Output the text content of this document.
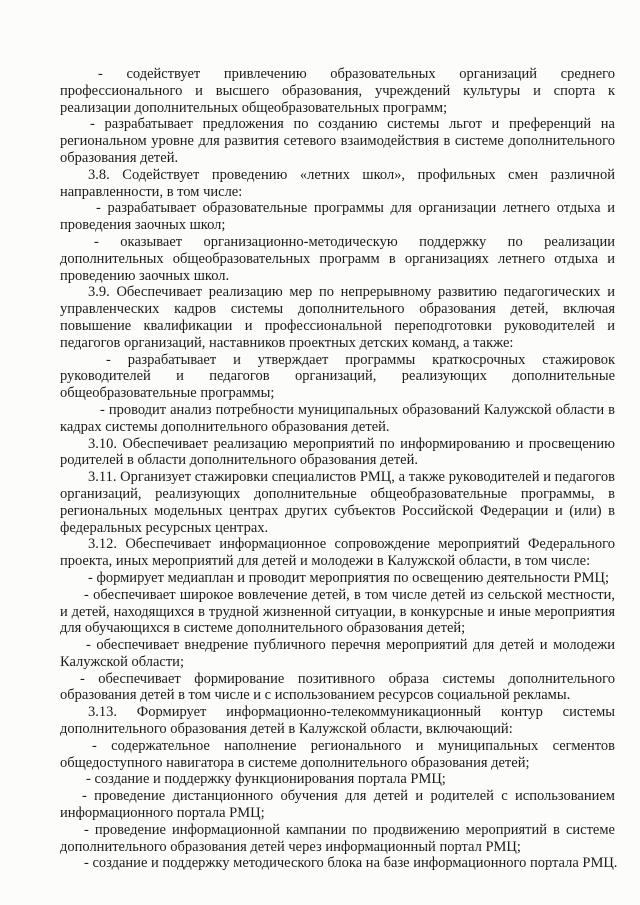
- содействует привлечению образовательных организаций среднего профессионального и высшего образования, учреждений культуры и спорта к реализации дополнительных общеобразовательных программ;

- разрабатывает предложения по созданию системы льгот и преференций на региональном уровне для развития сетевого взаимодействия в системе дополнительного образования детей.

3.8. Содействует проведению «летних школ», профильных смен различной направленности, в том числе:

- разрабатывает образовательные программы для организации летнего отдыха и проведения заочных школ;

- оказывает организационно-методическую поддержку по реализации дополнительных общеобразовательных программ в организациях летнего отдыха и проведению заочных школ.

3.9. Обеспечивает реализацию мер по непрерывному развитию педагогических и управленческих кадров системы дополнительного образования детей, включая повышение квалификации и профессиональной переподготовки руководителей и педагогов организаций, наставников проектных детских команд, а также:

- разрабатывает и утверждает программы краткосрочных стажировок руководителей и педагогов организаций, реализующих дополнительные общеобразовательные программы;

- проводит анализ потребности муниципальных образований Калужской области в кадрах системы дополнительного образования детей.

3.10. Обеспечивает реализацию мероприятий по информированию и просвещению родителей в области дополнительного образования детей.

3.11. Организует стажировки специалистов РМЦ, а также руководителей и педагогов организаций, реализующих дополнительные общеобразовательные программы, в региональных модельных центрах других субъектов Российской Федерации и (или) в федеральных ресурсных центрах.

3.12. Обеспечивает информационное сопровождение мероприятий Федерального проекта, иных мероприятий для детей и молодежи в Калужской области, в том числе:

- формирует медиаплан и проводит мероприятия по освещению деятельности РМЦ;

- обеспечивает широкое вовлечение детей, в том числе детей из сельской местности, и детей, находящихся в трудной жизненной ситуации, в конкурсные и иные мероприятия для обучающихся в системе дополнительного образования детей;

- обеспечивает внедрение публичного перечня мероприятий для детей и молодежи Калужской области;

- обеспечивает формирование позитивного образа системы дополнительного образования детей в том числе и с использованием ресурсов социальной рекламы.

3.13. Формирует информационно-телекоммуникационный контур системы дополнительного образования детей в Калужской области, включающий:

- содержательное наполнение регионального и муниципальных сегментов общедоступного навигатора в системе дополнительного образования детей;

- создание и поддержку функционирования портала РМЦ;

- проведение дистанционного обучения для детей и родителей с использованием информационного портала РМЦ;

- проведение информационной кампании по продвижению мероприятий в системе дополнительного образования детей через информационный портал РМЦ;

- создание и поддержку методического блока на базе информационного портала РМЦ.
